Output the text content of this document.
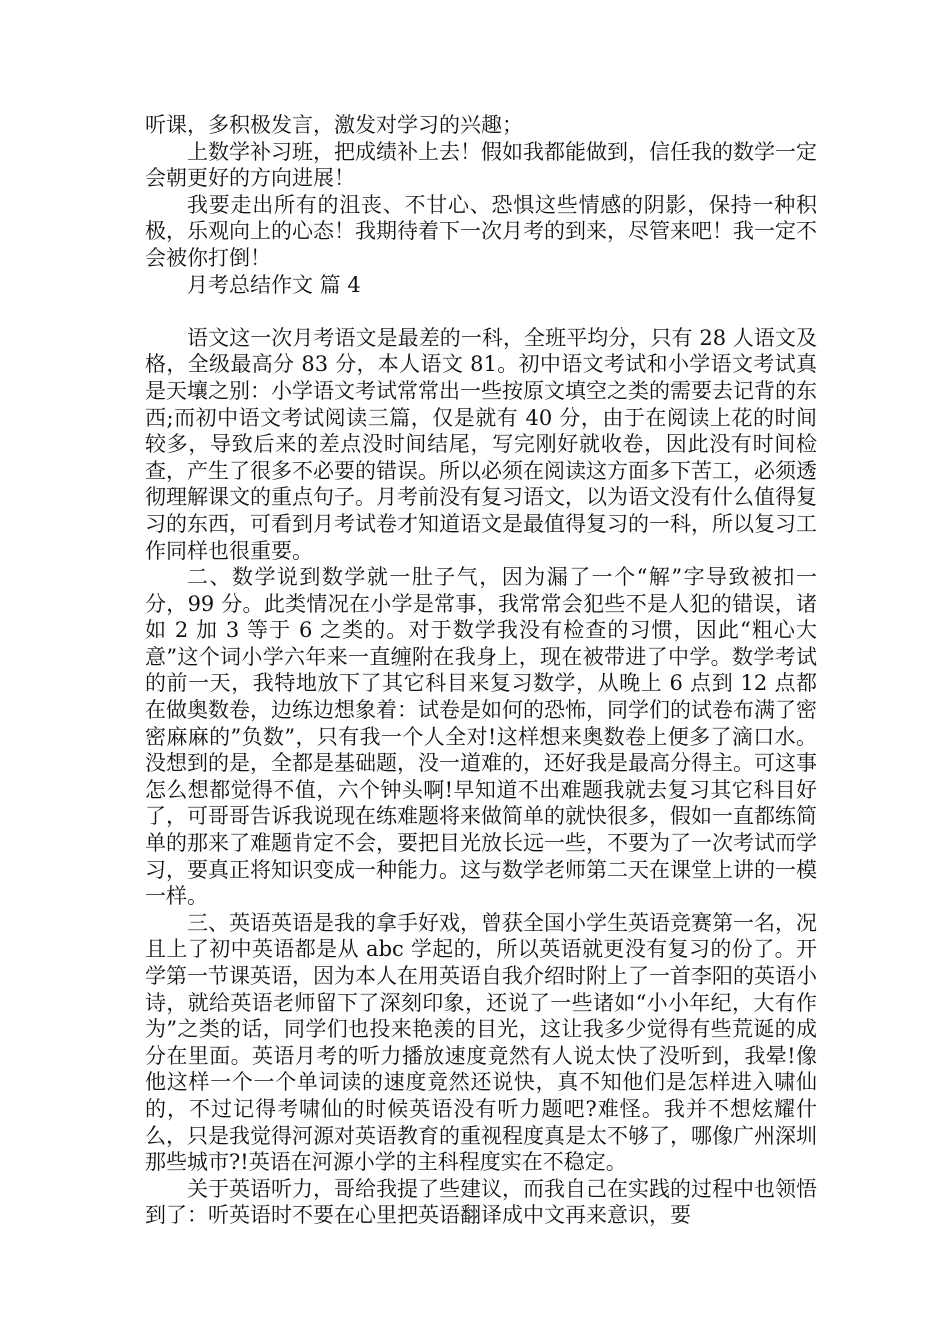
听课，多积极发言，激发对学习的兴趣；

上数学补习班，把成绩补上去！假如我都能做到，信任我的数学一定会朝更好的方向进展！

我要走出所有的沮丧、不甘心、恐惧这些情感的阴影，保持一种积极，乐观向上的心态！我期待着下一次月考的到来，尽管来吧！我一定不会被你打倒！

月考总结作文 篇 4

语文这一次月考语文是最差的一科，全班平均分，只有 28 人语文及格，全级最高分 83 分，本人语文 81。初中语文考试和小学语文考试真是天壤之别：小学语文考试常常出一些按原文填空之类的需要去记背的东西;而初中语文考试阅读三篇，仅是就有 40 分，由于在阅读上花的时间较多，导致后来的差点没时间结尾，写完刚好就收卷，因此没有时间检查，产生了很多不必要的错误。所以必须在阅读这方面多下苦工，必须透彻理解课文的重点句子。月考前没有复习语文，以为语文没有什么值得复习的东西，可看到月考试卷才知道语文是最值得复习的一科，所以复习工作同样也很重要。

二、数学说到数学就一肚子气，因为漏了一个“解”字导致被扣一分，99 分。此类情况在小学是常事，我常常会犯些不是人犯的错误，诸如 2 加 3 等于 6 之类的。对于数学我没有检查的习惯，因此“粗心大意”这个词小学六年来一直缠附在我身上，现在被带进了中学。数学考试的前一天，我特地放下了其它科目来复习数学，从晚上 6 点到 12 点都在做奥数卷，边练边想象着：试卷是如何的恐怖，同学们的试卷布满了密密麻麻的”负数”，只有我一个人全对!这样想来奥数卷上便多了滴口水。没想到的是，全都是基础题，没一道难的，还好我是最高分得主。可这事怎么想都觉得不值，六个钟头啊!早知道不出难题我就去复习其它科目好了，可哥哥告诉我说现在练难题将来做简单的就快很多，假如一直都练简单的那来了难题肯定不会，要把目光放长远一些，不要为了一次考试而学习，要真正将知识变成一种能力。这与数学老师第二天在课堂上讲的一模一样。

三、英语英语是我的拿手好戏，曾获全国小学生英语竞赛第一名，况且上了初中英语都是从 abc 学起的，所以英语就更没有复习的份了。开学第一节课英语，因为本人在用英语自我介绍时附上了一首李阳的英语小诗，就给英语老师留下了深刻印象，还说了一些诸如“小小年纪，大有作为”之类的话，同学们也投来艳羡的目光，这让我多少觉得有些荒诞的成分在里面。英语月考的听力播放速度竟然有人说太快了没听到，我晕!像他这样一个一个单词读的速度竟然还说快，真不知他们是怎样进入啸仙的，不过记得考啸仙的时候英语没有听力题吧?难怪。我并不想炫耀什么，只是我觉得河源对英语教育的重视程度真是太不够了，哪像广州深圳那些城市?!英语在河源小学的主科程度实在不稳定。

关于英语听力，哥给我提了些建议，而我自己在实践的过程中也领悟到了：听英语时不要在心里把英语翻译成中文再来意识，要
